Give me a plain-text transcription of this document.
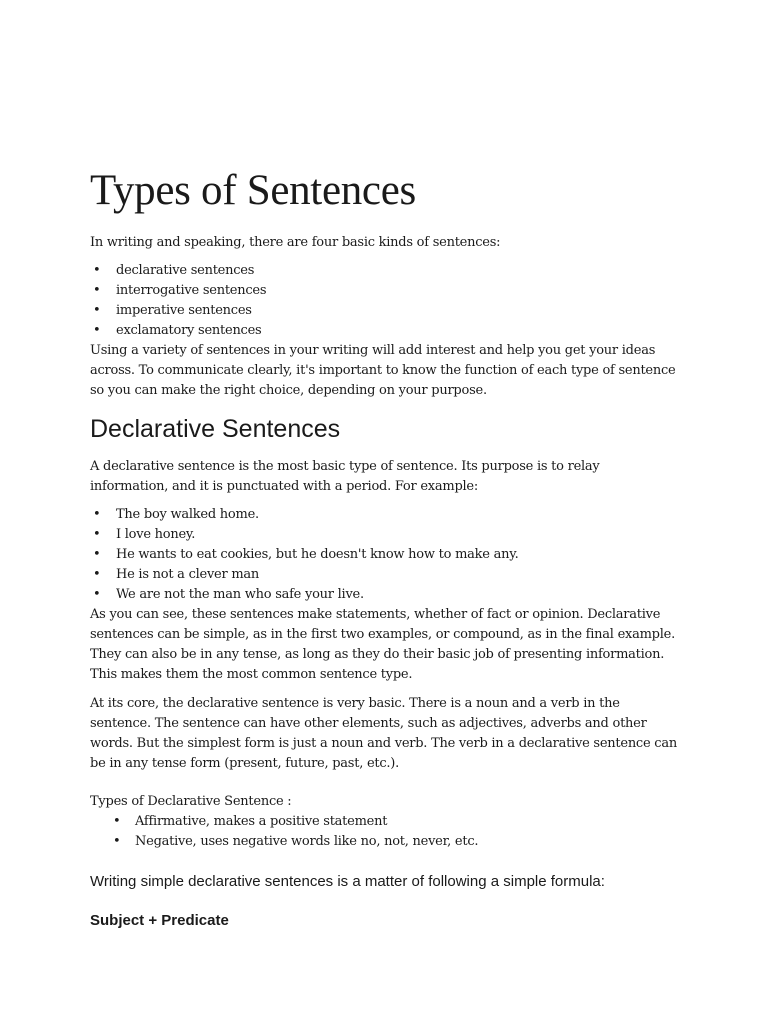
Types of Sentences

In writing and speaking, there are four basic kinds of sentences:

• declarative sentences
• interrogative sentences
• imperative sentences
• exclamatory sentences

Using a variety of sentences in your writing will add interest and help you get your ideas across. To communicate clearly, it's important to know the function of each type of sentence so you can make the right choice, depending on your purpose.

Declarative Sentences

A declarative sentence is the most basic type of sentence. Its purpose is to relay information, and it is punctuated with a period. For example:

• The boy walked home.
• I love honey.
• He wants to eat cookies, but he doesn't know how to make any.
• He is not a clever man
• We are not the man who safe your live.

As you can see, these sentences make statements, whether of fact or opinion. Declarative sentences can be simple, as in the first two examples, or compound, as in the final example. They can also be in any tense, as long as they do their basic job of presenting information. This makes them the most common sentence type.

At its core, the declarative sentence is very basic. There is a noun and a verb in the sentence. The sentence can have other elements, such as adjectives, adverbs and other words. But the simplest form is just a noun and verb. The verb in a declarative sentence can be in any tense form (present, future, past, etc.).

Types of Declarative Sentence :

• Affirmative, makes a positive statement
• Negative, uses negative words like no, not, never, etc.

Writing simple declarative sentences is a matter of following a simple formula:

Subject + Predicate
